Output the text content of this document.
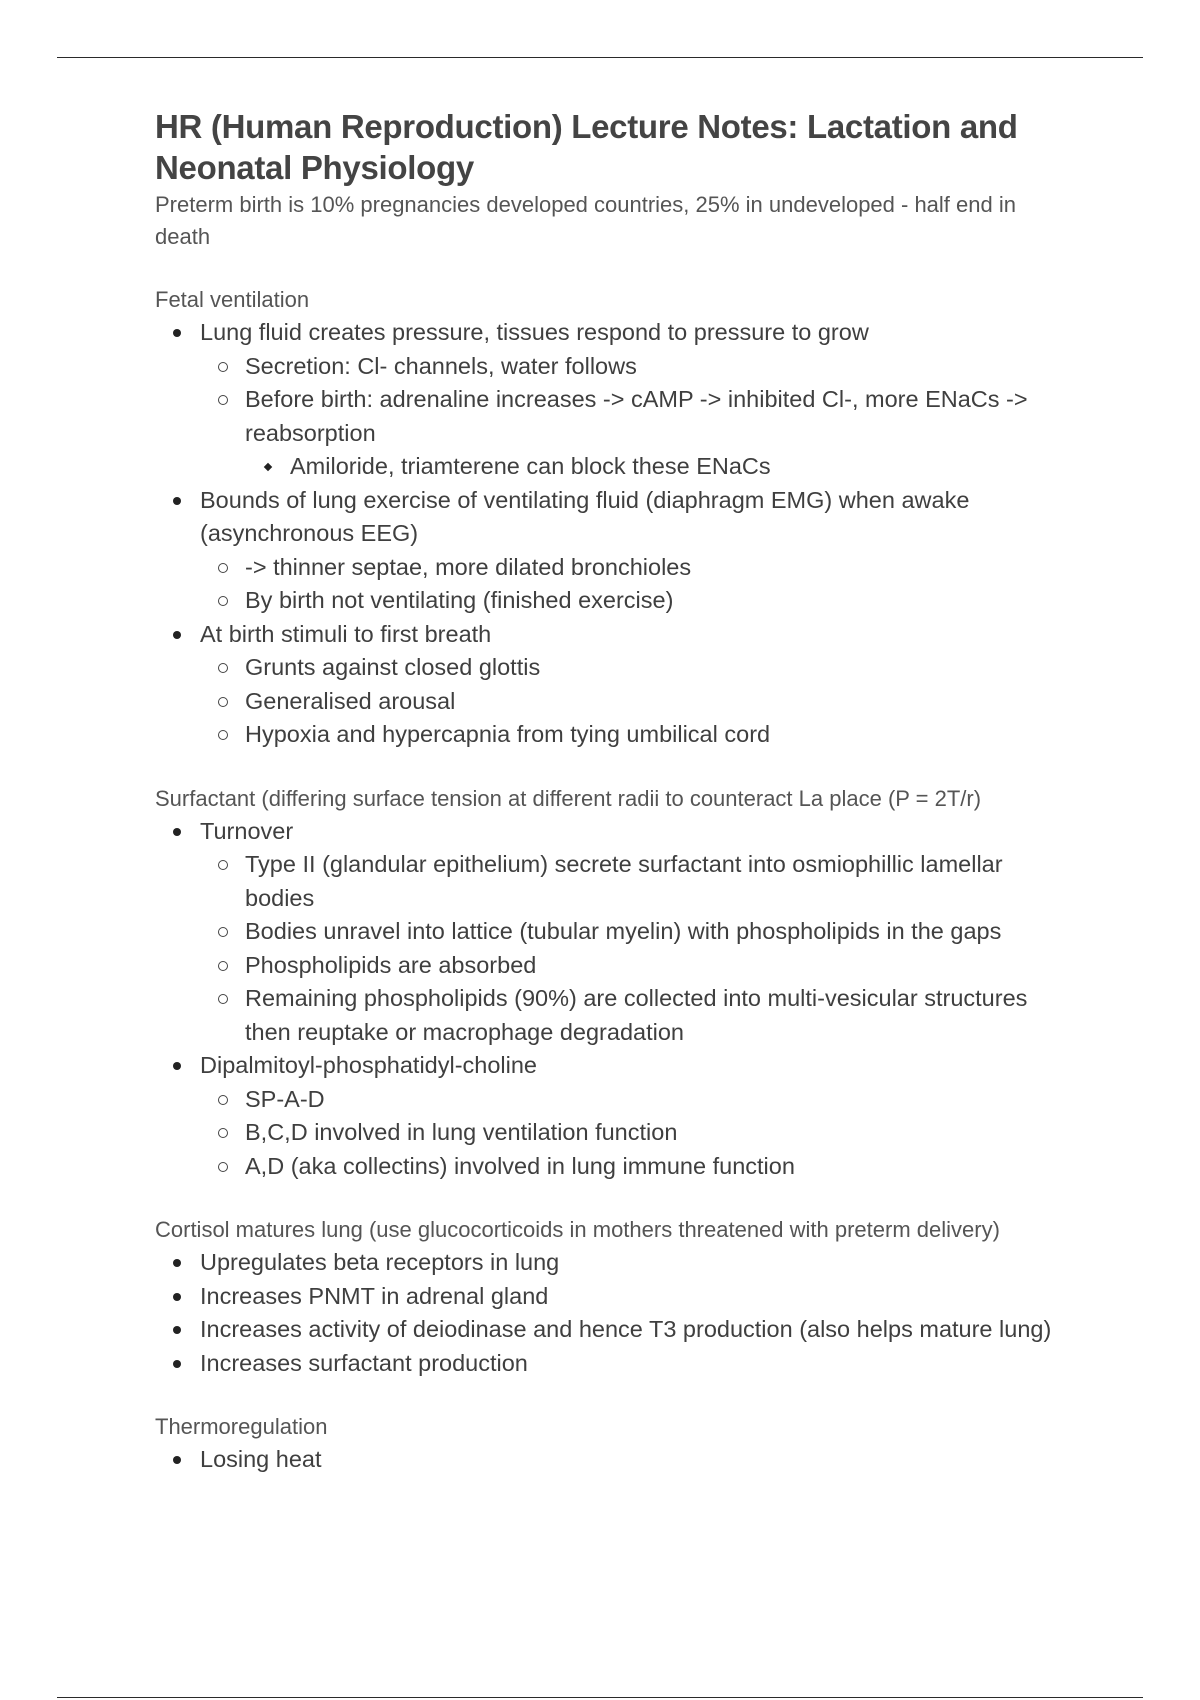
HR (Human Reproduction) Lecture Notes: Lactation and Neonatal Physiology
Preterm birth is 10% pregnancies developed countries, 25% in undeveloped - half end in death
Fetal ventilation
Lung fluid creates pressure, tissues respond to pressure to grow
Secretion: Cl- channels, water follows
Before birth: adrenaline increases -> cAMP -> inhibited Cl-, more ENaCs -> reabsorption
Amiloride, triamterene can block these ENaCs
Bounds of lung exercise of ventilating fluid (diaphragm EMG) when awake (asynchronous EEG)
-> thinner septae, more dilated bronchioles
By birth not ventilating (finished exercise)
At birth stimuli to first breath
Grunts against closed glottis
Generalised arousal
Hypoxia and hypercapnia from tying umbilical cord
Surfactant (differing surface tension at different radii to counteract La place (P = 2T/r)
Turnover
Type II (glandular epithelium) secrete surfactant into osmiophillic lamellar bodies
Bodies unravel into lattice (tubular myelin) with phospholipids in the gaps
Phospholipids are absorbed
Remaining phospholipids (90%) are collected into multi-vesicular structures then reuptake or macrophage degradation
Dipalmitoyl-phosphatidyl-choline
SP-A-D
B,C,D involved in lung ventilation function
A,D (aka collectins) involved in lung immune function
Cortisol matures lung (use glucocorticoids in mothers threatened with preterm delivery)
Upregulates beta receptors in lung
Increases PNMT in adrenal gland
Increases activity of deiodinase and hence T3 production (also helps mature lung)
Increases surfactant production
Thermoregulation
Losing heat
